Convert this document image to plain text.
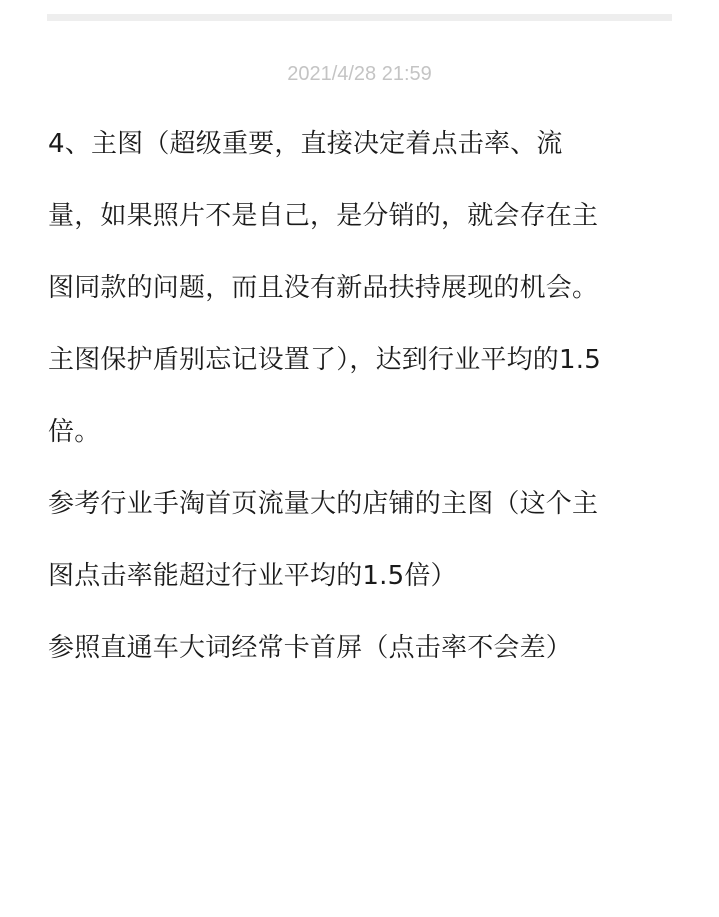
2021/4/28 21:59
4、主图（超级重要，直接决定着点击率、流
量，如果照片不是自己，是分销的，就会存在主
图同款的问题，而且没有新品扶持展现的机会。
主图保护盾别忘记设置了），达到行业平均的1.5
倍。
参考行业手淘首页流量大的店铺的主图（这个主
图点击率能超过行业平均的1.5倍）
参照直通车大词经常卡首屏（点击率不会差）
